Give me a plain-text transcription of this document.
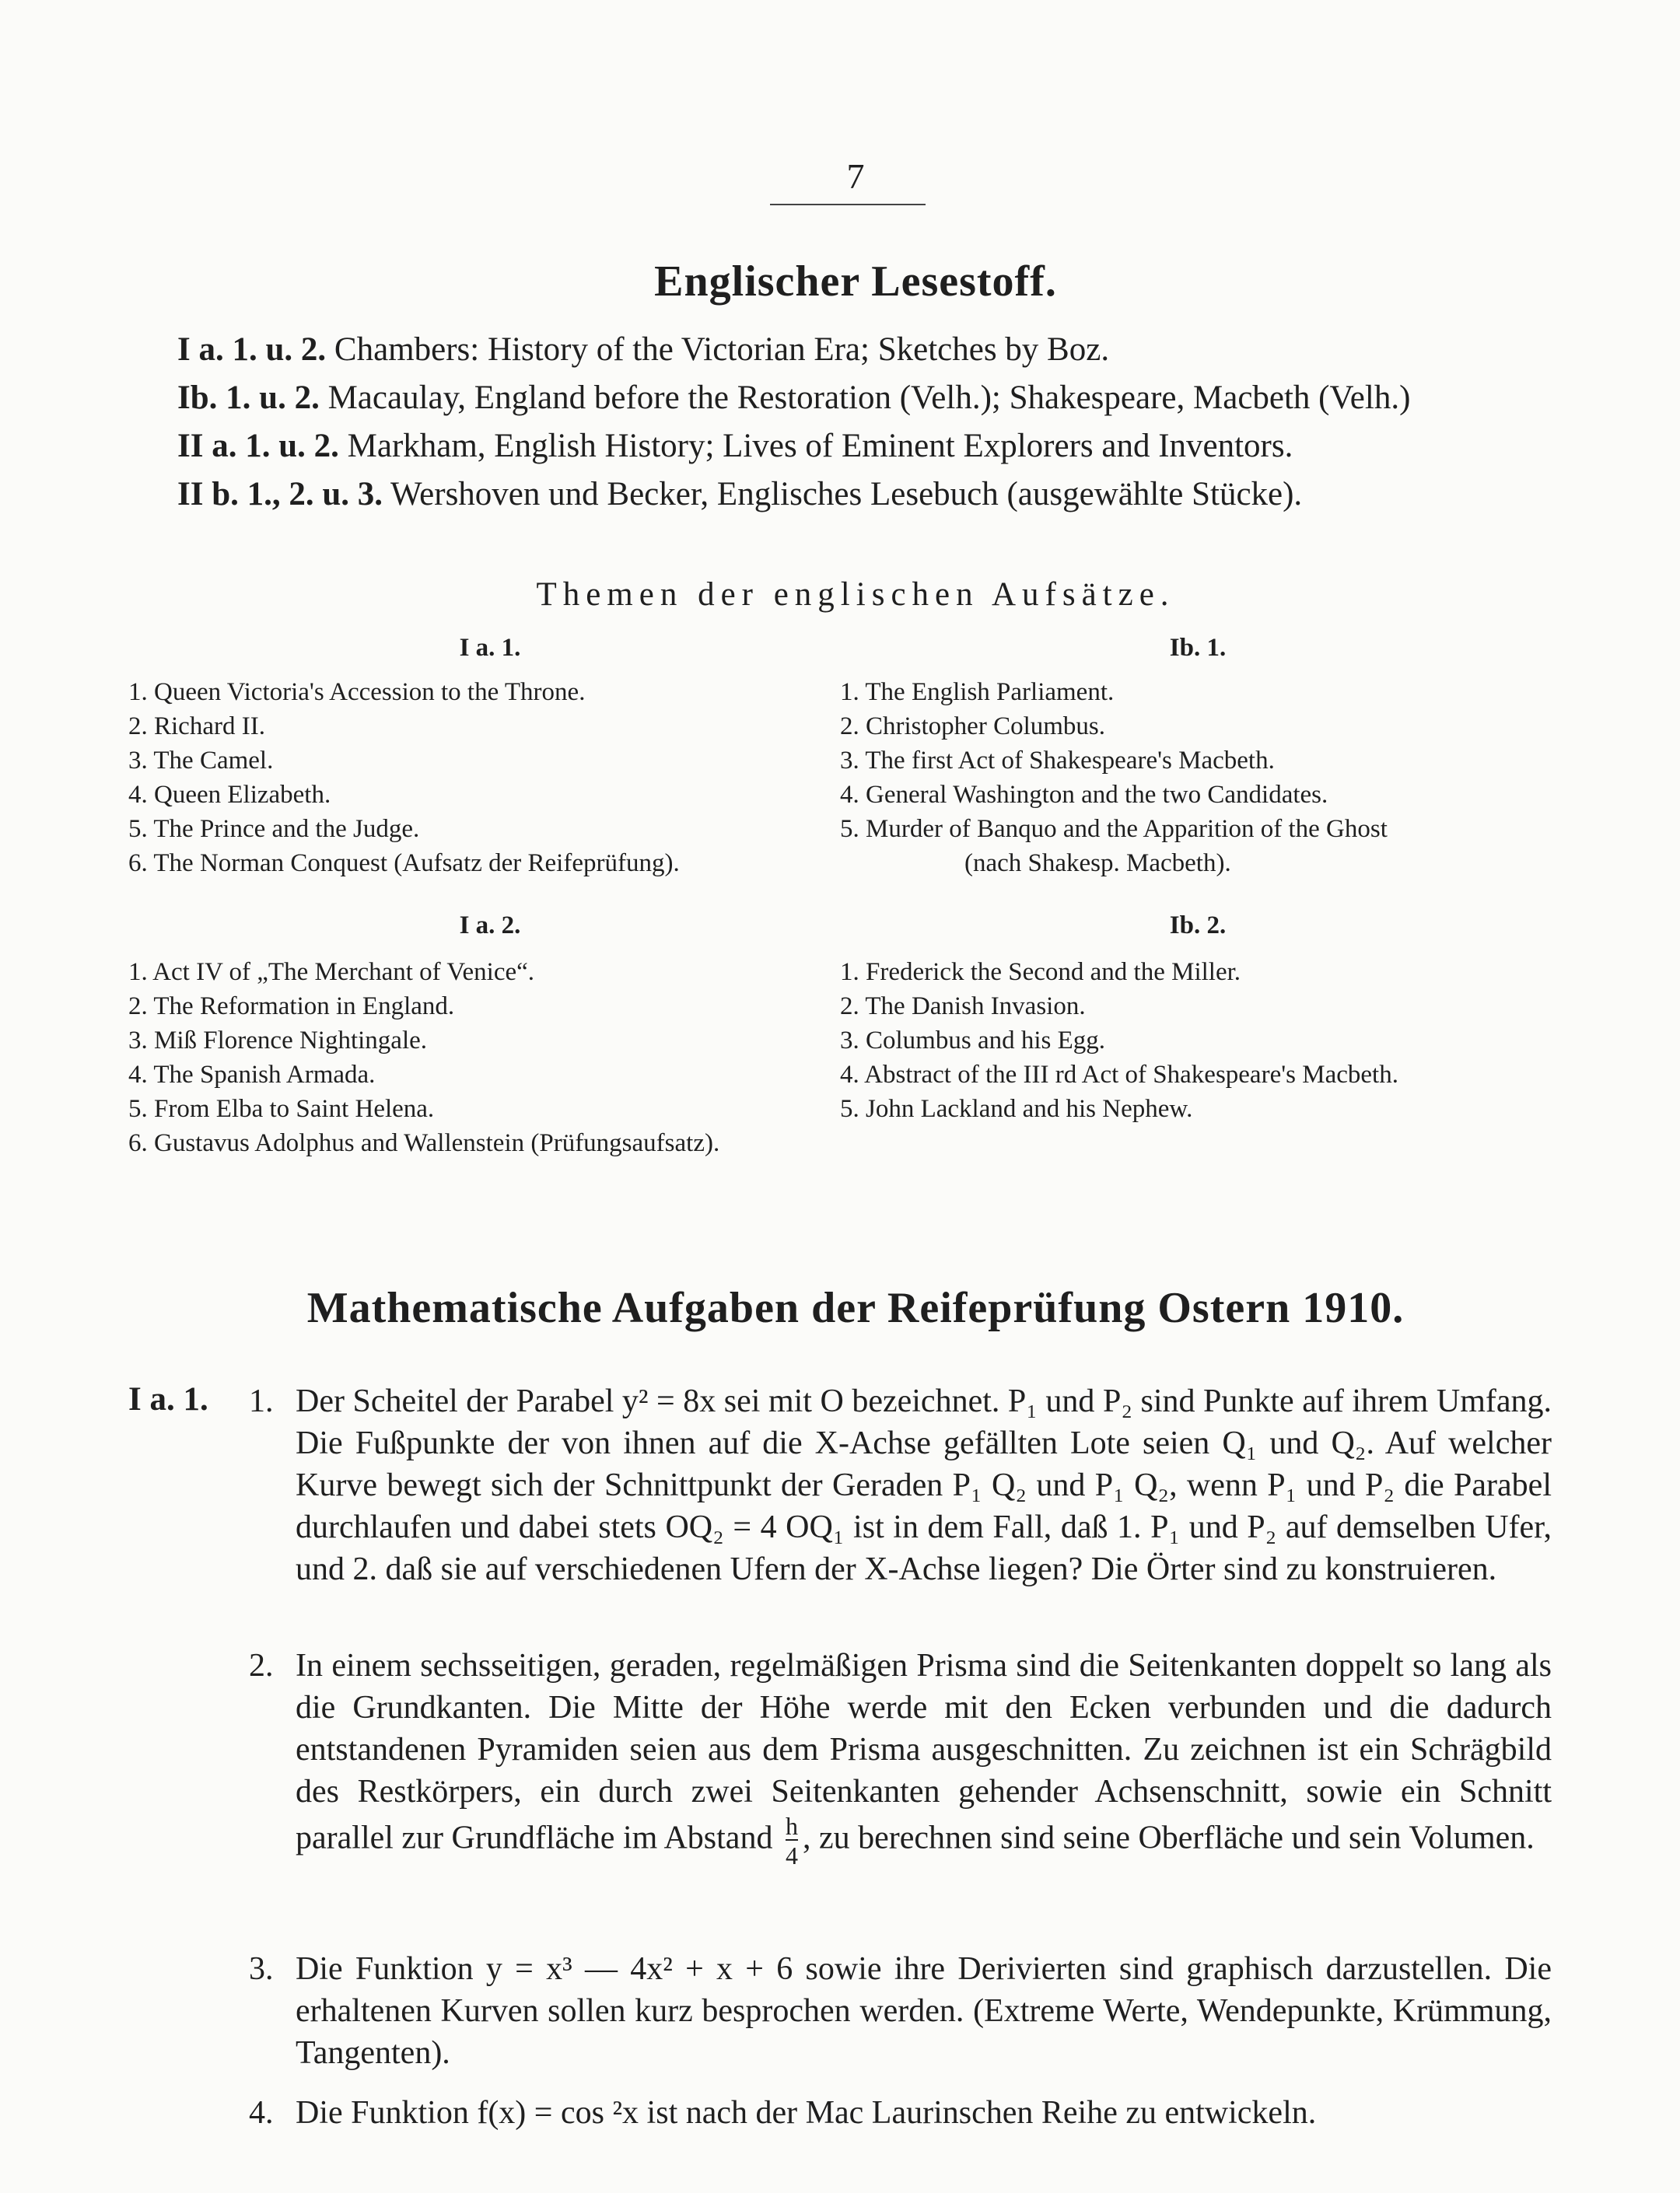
7
Englischer Lesestoff.
I a. 1. u. 2. Chambers: History of the Victorian Era; Sketches by Boz.
Ib. 1. u. 2. Macaulay, England before the Restoration (Velh.); Shakespeare, Macbeth (Velh.)
II a. 1. u. 2. Markham, English History; Lives of Eminent Explorers and Inventors.
II b. 1., 2. u. 3. Wershoven und Becker, Englisches Lesebuch (ausgewählte Stücke).
Themen der englischen Aufsätze.
I a. 1.
1. Queen Victoria's Accession to the Throne.
2. Richard II.
3. The Camel.
4. Queen Elizabeth.
5. The Prince and the Judge.
6. The Norman Conquest (Aufsatz der Reifeprüfung).
Ib. 1.
1. The English Parliament.
2. Christopher Columbus.
3. The first Act of Shakespeare's Macbeth.
4. General Washington and the two Candidates.
5. Murder of Banquo and the Apparition of the Ghost
(nach Shakesp. Macbeth).
I a. 2.
1. Act IV of „The Merchant of Venice“.
2. The Reformation in England.
3. Miß Florence Nightingale.
4. The Spanish Armada.
5. From Elba to Saint Helena.
6. Gustavus Adolphus and Wallenstein (Prüfungsaufsatz).
Ib. 2.
1. Frederick the Second and the Miller.
2. The Danish Invasion.
3. Columbus and his Egg.
4. Abstract of the III rd Act of Shakespeare's Macbeth.
5. John Lackland and his Nephew.
Mathematische Aufgaben der Reifeprüfung Ostern 1910.
I a. 1. 1. Der Scheitel der Parabel y² = 8x sei mit O bezeichnet. P₁ und P₂ sind Punkte auf ihrem Umfang. Die Fußpunkte der von ihnen auf die X-Achse gefällten Lote seien Q₁ und Q₂. Auf welcher Kurve bewegt sich der Schnittpunkt der Geraden P₁ Q₂ und P₁ Q₂, wenn P₁ und P₂ die Parabel durchlaufen und dabei stets OQ₂ = 4 OQ₁ ist in dem Fall, daß 1. P₁ und P₂ auf demselben Ufer, und 2. daß sie auf verschiedenen Ufern der X-Achse liegen? Die Örter sind zu konstruieren.
2. In einem sechsseitigen, geraden, regelmäßigen Prisma sind die Seitenkanten doppelt so lang als die Grundkanten. Die Mitte der Höhe werde mit den Ecken verbunden und die dadurch entstandenen Pyramiden seien aus dem Prisma ausgeschnitten. Zu zeichnen ist ein Schrägbild des Restkörpers, ein durch zwei Seitenkanten gehender Achsenschnitt, sowie ein Schnitt parallel zur Grundfläche im Abstand $\frac{h}{4}$ , zu berechnen sind seine Oberfläche und sein Volumen.
3. Die Funktion y = x³ — 4x² + x + 6 sowie ihre Derivierten sind graphisch darzustellen. Die erhaltenen Kurven sollen kurz besprochen werden. (Extreme Werte, Wendepunkte, Krümmung, Tangenten).
4. Die Funktion f(x) = cos ²x ist nach der Mac Laurinschen Reihe zu entwickeln.
